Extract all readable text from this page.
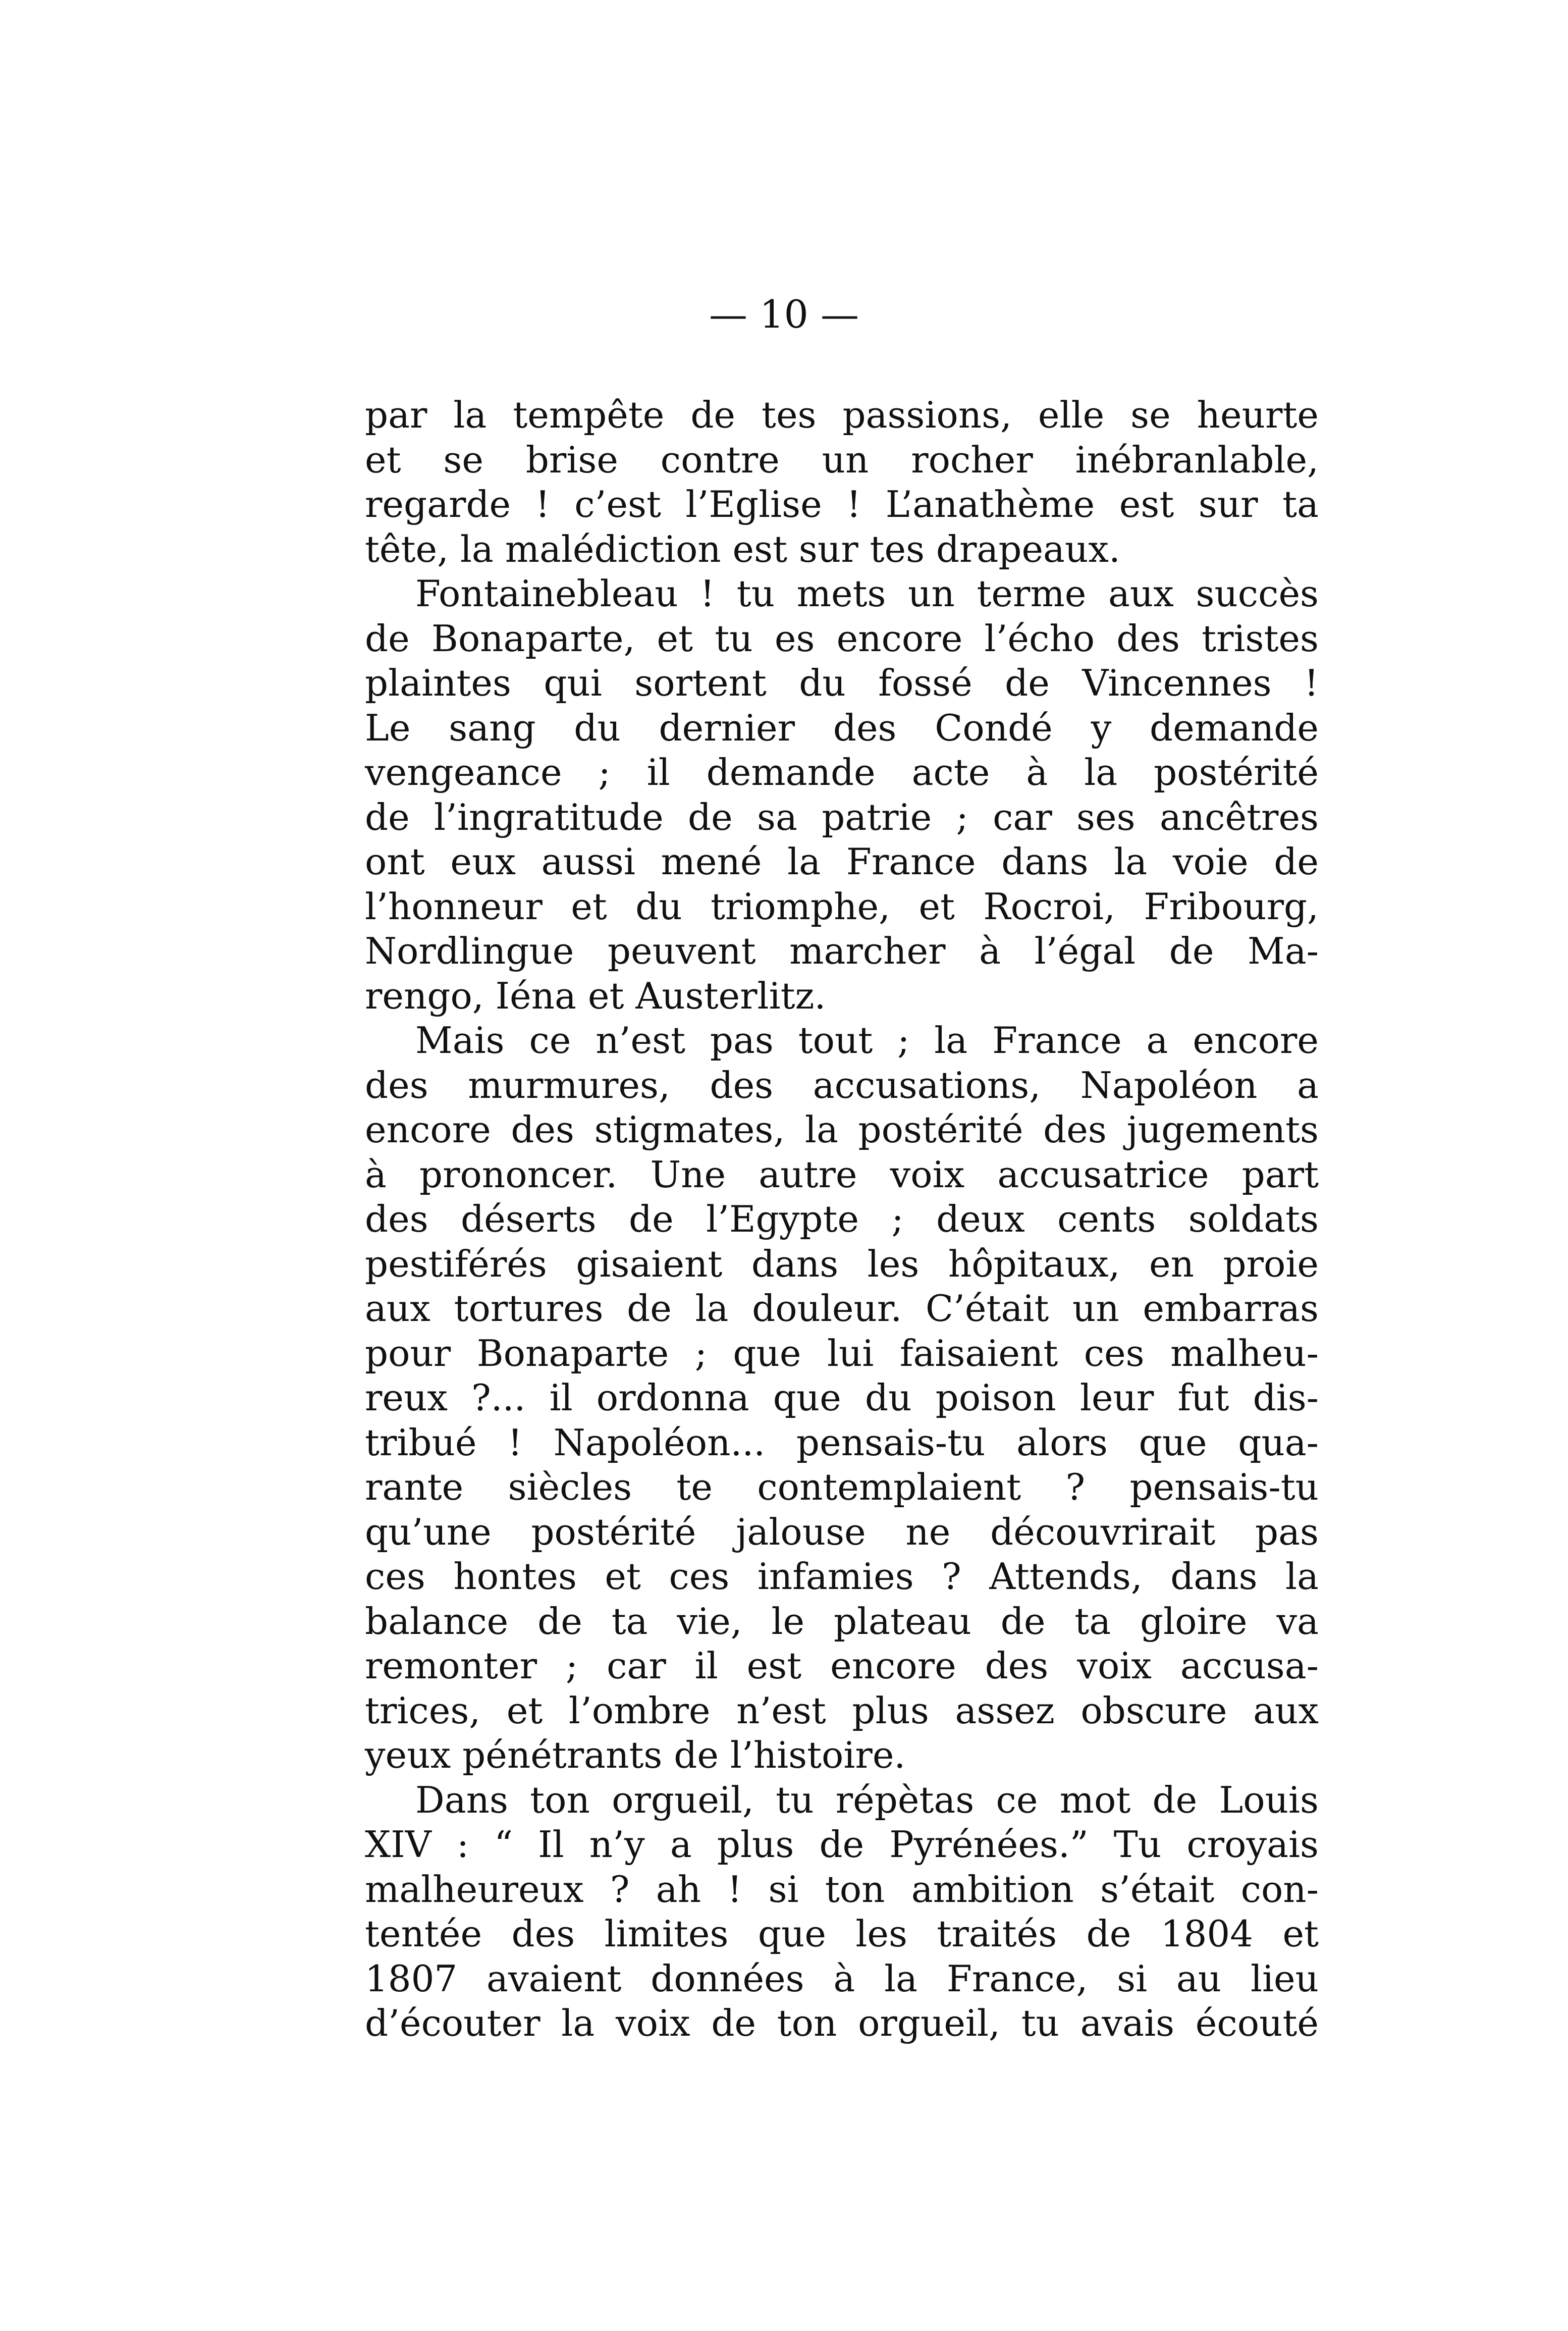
— 10 —
par la tempête de tes passions, elle se heurte
et se brise contre un rocher inébranlable,
regarde ! c’est l’Eglise ! L’anathème est sur ta
tête, la malédiction est sur tes drapeaux.
Fontainebleau ! tu mets un terme aux succès
de Bonaparte, et tu es encore l’écho des tristes
plaintes qui sortent du fossé de Vincennes !
Le sang du dernier des Condé y demande
vengeance ; il demande acte à la postérité
de l’ingratitude de sa patrie ; car ses ancêtres
ont eux aussi mené la France dans la voie de
l’honneur et du triomphe, et Rocroi, Fribourg,
Nordlingue peuvent marcher à l’égal de Ma-
rengo, Iéna et Austerlitz.
Mais ce n’est pas tout ; la France a encore
des murmures, des accusations, Napoléon a
encore des stigmates, la postérité des jugements
à prononcer. Une autre voix accusatrice part
des déserts de l’Egypte ; deux cents soldats
pestiférés gisaient dans les hôpitaux, en proie
aux tortures de la douleur. C’était un embarras
pour Bonaparte ; que lui faisaient ces malheu-
reux ?... il ordonna que du poison leur fut dis-
tribué ! Napoléon... pensais-tu alors que qua-
rante siècles te contemplaient ? pensais-tu
qu’une postérité jalouse ne découvrirait pas
ces hontes et ces infamies ? Attends, dans la
balance de ta vie, le plateau de ta gloire va
remonter ; car il est encore des voix accusa-
trices, et l’ombre n’est plus assez obscure aux
yeux pénétrants de l’histoire.
Dans ton orgueil, tu répètas ce mot de Louis
XIV : “ Il n’y a plus de Pyrénées.” Tu croyais
malheureux ? ah ! si ton ambition s’était con-
tentée des limites que les traités de 1804 et
1807 avaient données à la France, si au lieu
d’écouter la voix de ton orgueil, tu avais écouté
